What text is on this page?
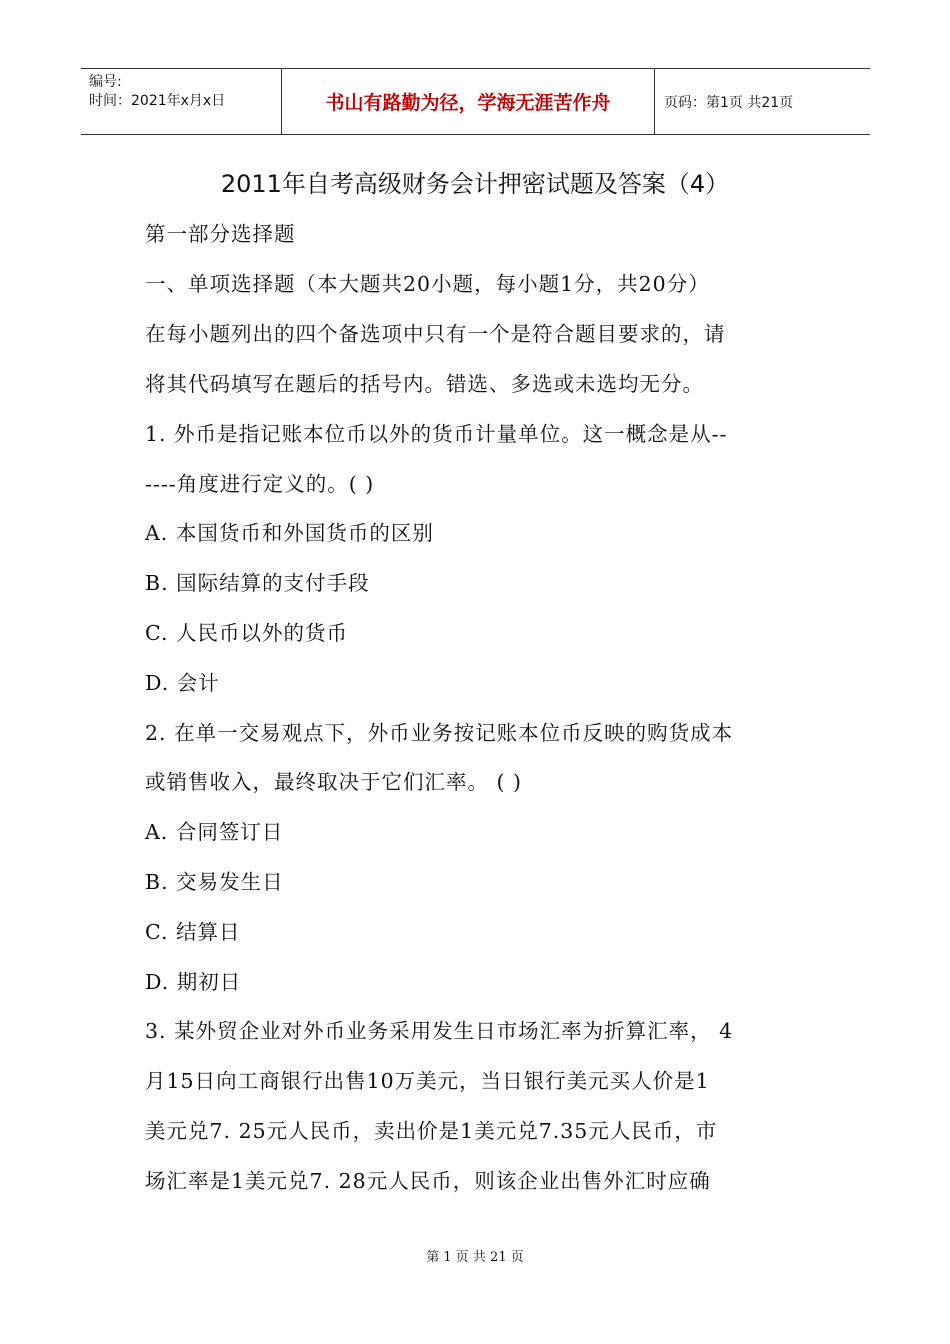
编号:
时间：2021年x月x日	书山有路勤为径，学海无涯苦作舟	页码：第1页 共21页
2011年自考高级财务会计押密试题及答案（4）
第一部分选择题
一、单项选择题（本大题共20小题，每小题1分，共20分）
在每小题列出的四个备选项中只有一个是符合题目要求的，请
将其代码填写在题后的括号内。错选、多选或未选均无分。
1. 外币是指记账本位币以外的货币计量单位。这一概念是从--
----角度进行定义的。( )
A. 本国货币和外国货币的区别
B. 国际结算的支付手段
C. 人民币以外的货币
D. 会计
2. 在单一交易观点下，外币业务按记账本位币反映的购货成本
或销售收入，最终取决于它们汇率。 ( )
A. 合同签订日
B. 交易发生日
C. 结算日
D. 期初日
3. 某外贸企业对外币业务采用发生日市场汇率为折算汇率， 4
月15日向工商银行出售10万美元，当日银行美元买人价是1
美元兑7. 25元人民币，卖出价是1美元兑7.35元人民币，市
场汇率是1美元兑7. 28元人民币，则该企业出售外汇时应确
第 1 页 共 21 页
